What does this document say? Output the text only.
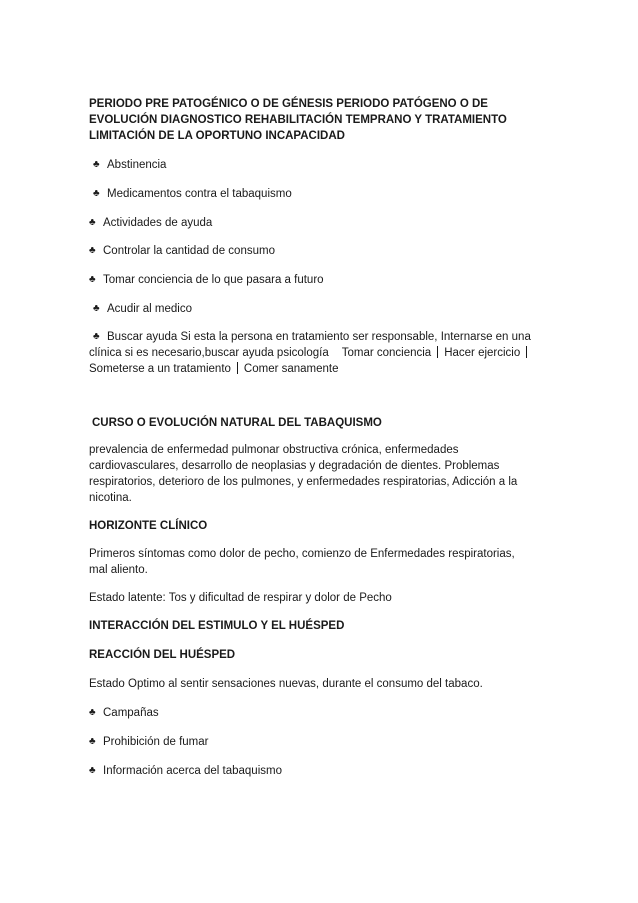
PERIODO PRE PATOGÉNICO O DE GÉNESIS PERIODO PATÓGENO O DE

EVOLUCIÓN DIAGNOSTICO REHABILITACIÓN TEMPRANO Y TRATAMIENTO

LIMITACIÓN DE LA OPORTUNO INCAPACIDAD

♣ Abstinencia
♣ Medicamentos contra el tabaquismo
♣ Actividades de ayuda
♣ Controlar la cantidad de consumo
♣ Tomar conciencia de lo que pasara a futuro
♣ Acudir al medico
♣ Buscar ayuda Si esta la persona en tratamiento ser responsable, Internarse en una

clínica si es necesario,buscar ayuda psicología Tomar conciencia Hacer ejercicio

Someterse a un tratamiento Comer sanamente

CURSO O EVOLUCIÓN NATURAL DEL TABAQUISMO

prevalencia de enfermedad pulmonar obstructiva crónica, enfermedades

cardiovasculares, desarrollo de neoplasias y degradación de dientes. Problemas

respiratorios, deterioro de los pulmones, y enfermedades respiratorias, Adicción a la

nicotina.

HORIZONTE CLÍNICO

Primeros síntomas como dolor de pecho, comienzo de Enfermedades respiratorias,

mal aliento.

Estado latente: Tos y dificultad de respirar y dolor de Pecho

INTERACCIÓN DEL ESTIMULO Y EL HUÉSPED

REACCIÓN DEL HUÉSPED

Estado Optimo al sentir sensaciones nuevas, durante el consumo del tabaco.

♣ Campañas
♣ Prohibición de fumar
♣ Información acerca del tabaquismo
